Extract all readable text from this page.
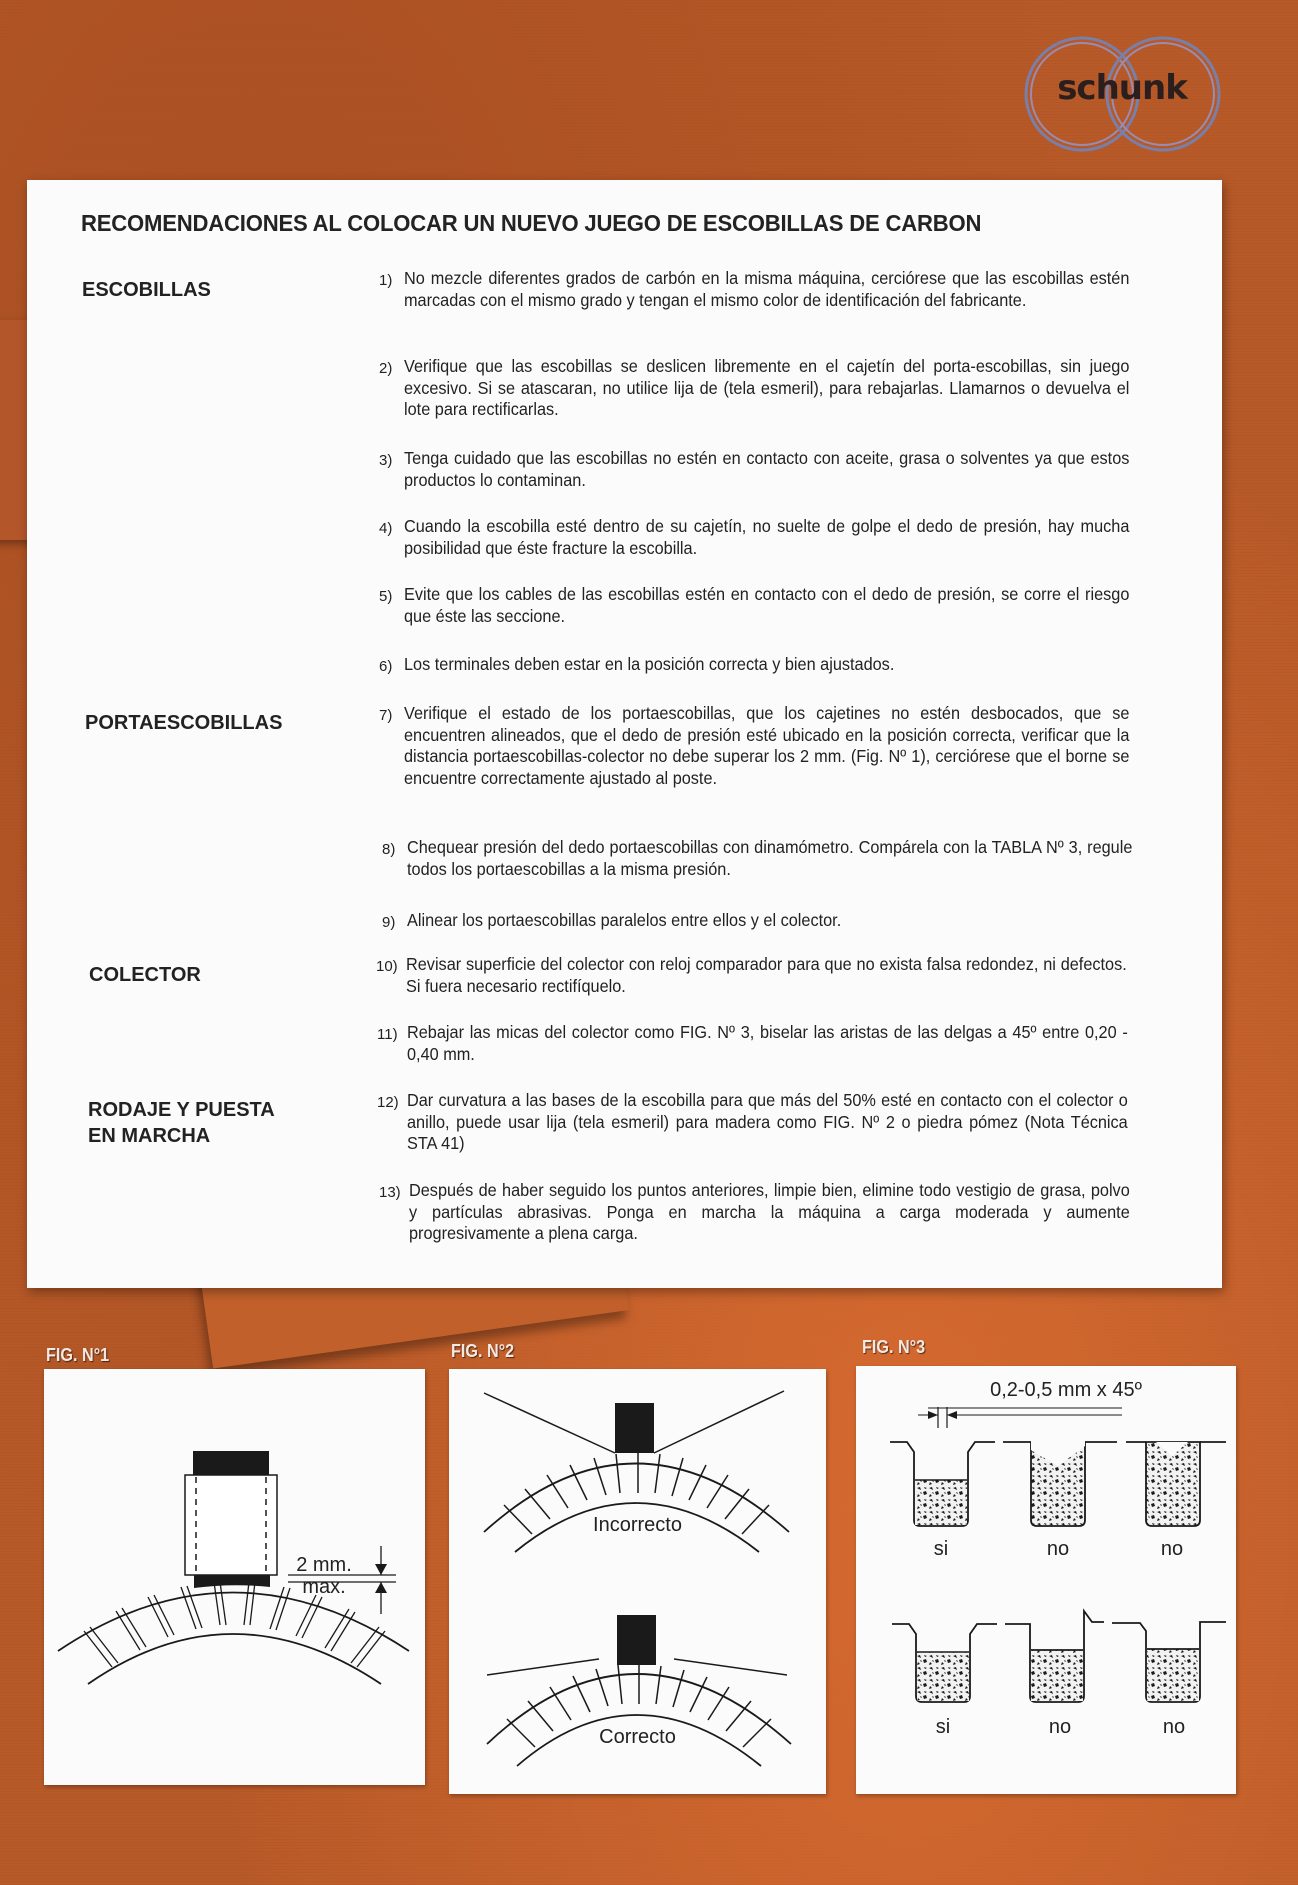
schunk
RECOMENDACIONES AL COLOCAR UN NUEVO JUEGO DE ESCOBILLAS DE CARBON
ESCOBILLAS
PORTAESCOBILLAS
COLECTOR
RODAJE Y PUESTA
EN MARCHA
1) No mezcle diferentes grados de carbón en la misma máquina, cerciórese que las escobillas estén marcadas con el mismo grado y tengan el mismo color de identificación del fabricante.
2) Verifique que las escobillas se deslicen libremente en el cajetín del porta-escobillas, sin juego excesivo. Si se atascaran, no utilice lija de (tela esmeril), para rebajarlas. Llamarnos o devuelva el lote para rectificarlas.
3) Tenga cuidado que las escobillas no estén en contacto con aceite, grasa o solventes ya que estos productos lo contaminan.
4) Cuando la escobilla esté dentro de su cajetín, no suelte de golpe el dedo de presión, hay mucha posibilidad que éste fracture la escobilla.
5) Evite que los cables de las escobillas estén en contacto con el dedo de presión, se corre el riesgo que éste las seccione.
6) Los terminales deben estar en la posición correcta y bien ajustados.
7) Verifique el estado de los portaescobillas, que los cajetines no estén desbocados, que se encuentren alineados, que el dedo de presión esté ubicado en la posición correcta, verificar que la distancia portaescobillas-colector no debe superar los 2 mm. (Fig. Nº 1), cerciórese que el borne se encuentre correctamente ajustado al poste.
8) Chequear presión del dedo portaescobillas con dinamómetro. Compárela con la TABLA Nº 3, regule todos los portaescobillas a la misma presión.
9) Alinear los portaescobillas paralelos entre ellos y el colector.
10) Revisar superficie del colector con reloj comparador para que no exista falsa redondez, ni defectos. Si fuera necesario rectifíquelo.
11) Rebajar las micas del colector como FIG. Nº 3, biselar las aristas de las delgas a 45º entre 0,20 - 0,40 mm.
12) Dar curvatura a las bases de la escobilla para que más del 50% esté en contacto con el colector o anillo, puede usar lija (tela esmeril) para madera como FIG. Nº 2 o piedra pómez (Nota Técnica STA 41)
13) Después de haber seguido los puntos anteriores, limpie bien, elimine todo vestigio de grasa, polvo y partículas abrasivas. Ponga en marcha la máquina a carga moderada y aumente progresivamente a plena carga.
FIG. N°1	FIG. N°2	FIG. N°3
2 mm.
max.
Incorrecto
Correcto
0,2-0,5 mm x 45º
si	no	no
si	no	no
